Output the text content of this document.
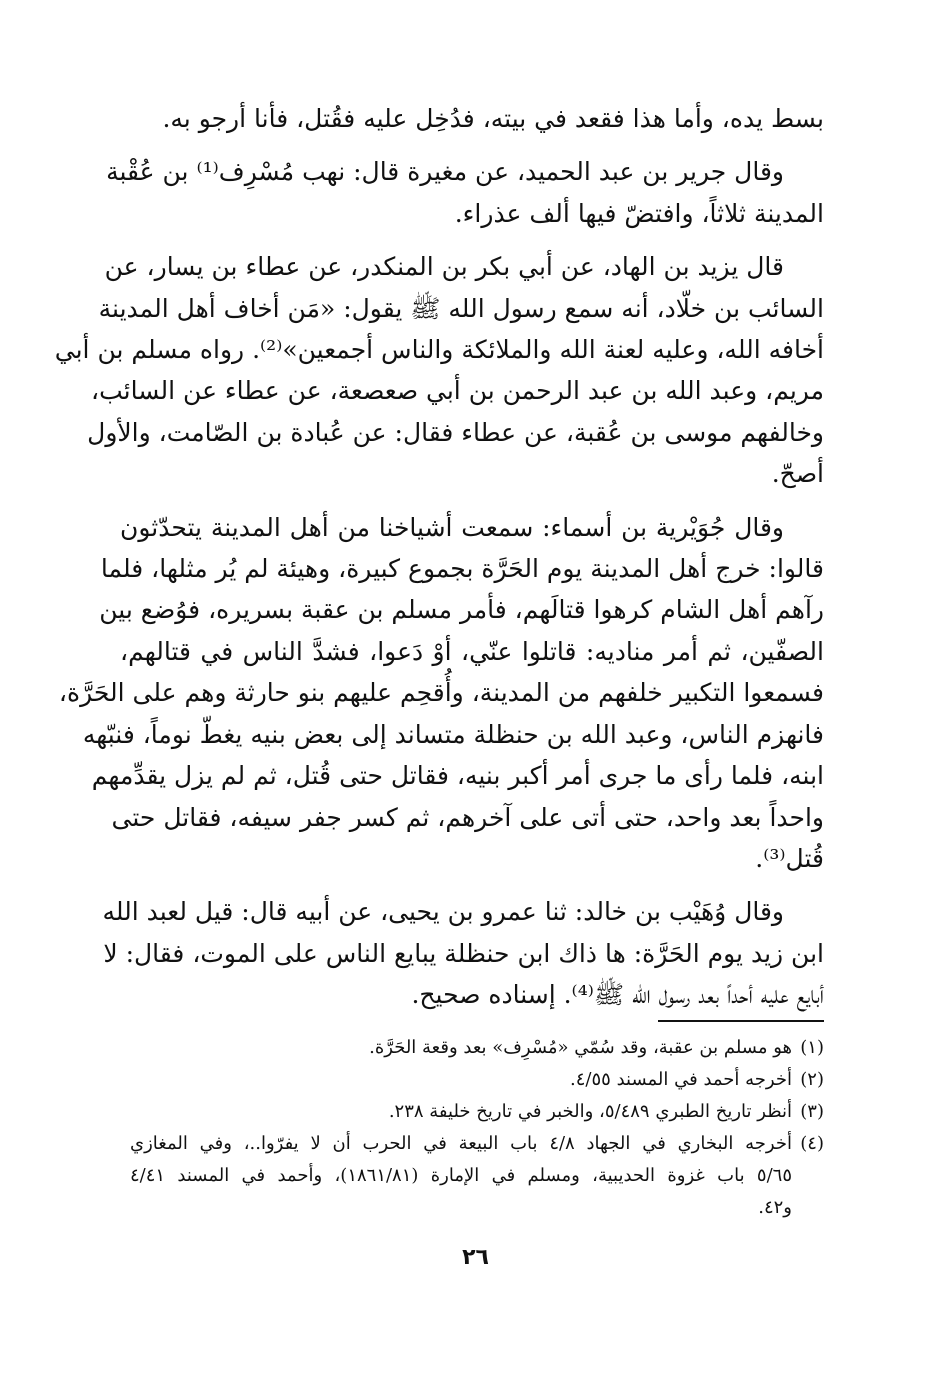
بسط يده، وأما هذا فقعد في بيته، فدُخِل عليه فقُتل، فأنا أرجو به.

وقال جرير بن عبد الحميد، عن مغيرة قال: نهب مُسْرِف⁽¹⁾ بن عُقْبة
المدينة ثلاثاً، وافتضّ فيها ألف عذراء.

قال يزيد بن الهاد، عن أبي بكر بن المنكدر، عن عطاء بن يسار، عن
السائب بن خلّاد، أنه سمع رسول الله ﷺ يقول: «مَن أخاف أهل المدينة
أخافه الله، وعليه لعنة الله والملائكة والناس أجمعين»⁽²⁾. رواه مسلم بن أبي
مريم، وعبد الله بن عبد الرحمن بن أبي صعصعة، عن عطاء عن السائب،
وخالفهم موسى بن عُقبة، عن عطاء فقال: عن عُبادة بن الصّامت، والأول
أصحّ.

وقال جُوَيْرية بن أسماء: سمعت أشياخنا من أهل المدينة يتحدّثون
قالوا: خرج أهل المدينة يوم الحَرَّة بجموع كبيرة، وهيئة لم يُر مثلها، فلما
رآهم أهل الشام كرهوا قتالَهم، فأمر مسلم بن عقبة بسريره، فوُضع بين
الصفّين، ثم أمر مناديه: قاتلوا عنّي، أوْ دَعوا، فشدَّ الناس في قتالهم،
فسمعوا التكبير خلفهم من المدينة، وأُقحِم عليهم بنو حارثة وهم على الحَرَّة،
فانهزم الناس، وعبد الله بن حنظلة متساند إلى بعض بنيه يغطّ نوماً، فنبّهه
ابنه، فلما رأى ما جرى أمر أكبر بنيه، فقاتل حتى قُتل، ثم لم يزل يقدِّمهم
واحداً بعد واحد، حتى أتى على آخرهم، ثم كسر جفر سيفه، فقاتل حتى
قُتل⁽³⁾.

وقال وُهَيْب بن خالد: ثنا عمرو بن يحيى، عن أبيه قال: قيل لعبد الله
ابن زيد يوم الحَرَّة: ها ذاك ابن حنظلة يبايع الناس على الموت، فقال: لا
أبايع عليه أحداً بعد رسول الله ﷺ⁽⁴⁾. إسناده صحيح.

(١)
هو مسلم بن عقبة، وقد سُمّي «مُسْرِف» بعد وقعة الحَرَّة.
(٢)
أخرجه أحمد في المسند ٤/٥٥.
(٣)
أنظر تاريخ الطبري ٥/٤٨٩، والخبر في تاريخ خليفة ٢٣٨.
(٤)
أخرجه البخاري في الجهاد ٤/٨ باب البيعة في الحرب أن لا يفرّوا..، وفي المغازي
٥/٦٥ باب غزوة الحديبية، ومسلم في الإمارة (١٨٦١/٨١)، وأحمد في المسند ٤/٤١
و٤٢.
٢٦
